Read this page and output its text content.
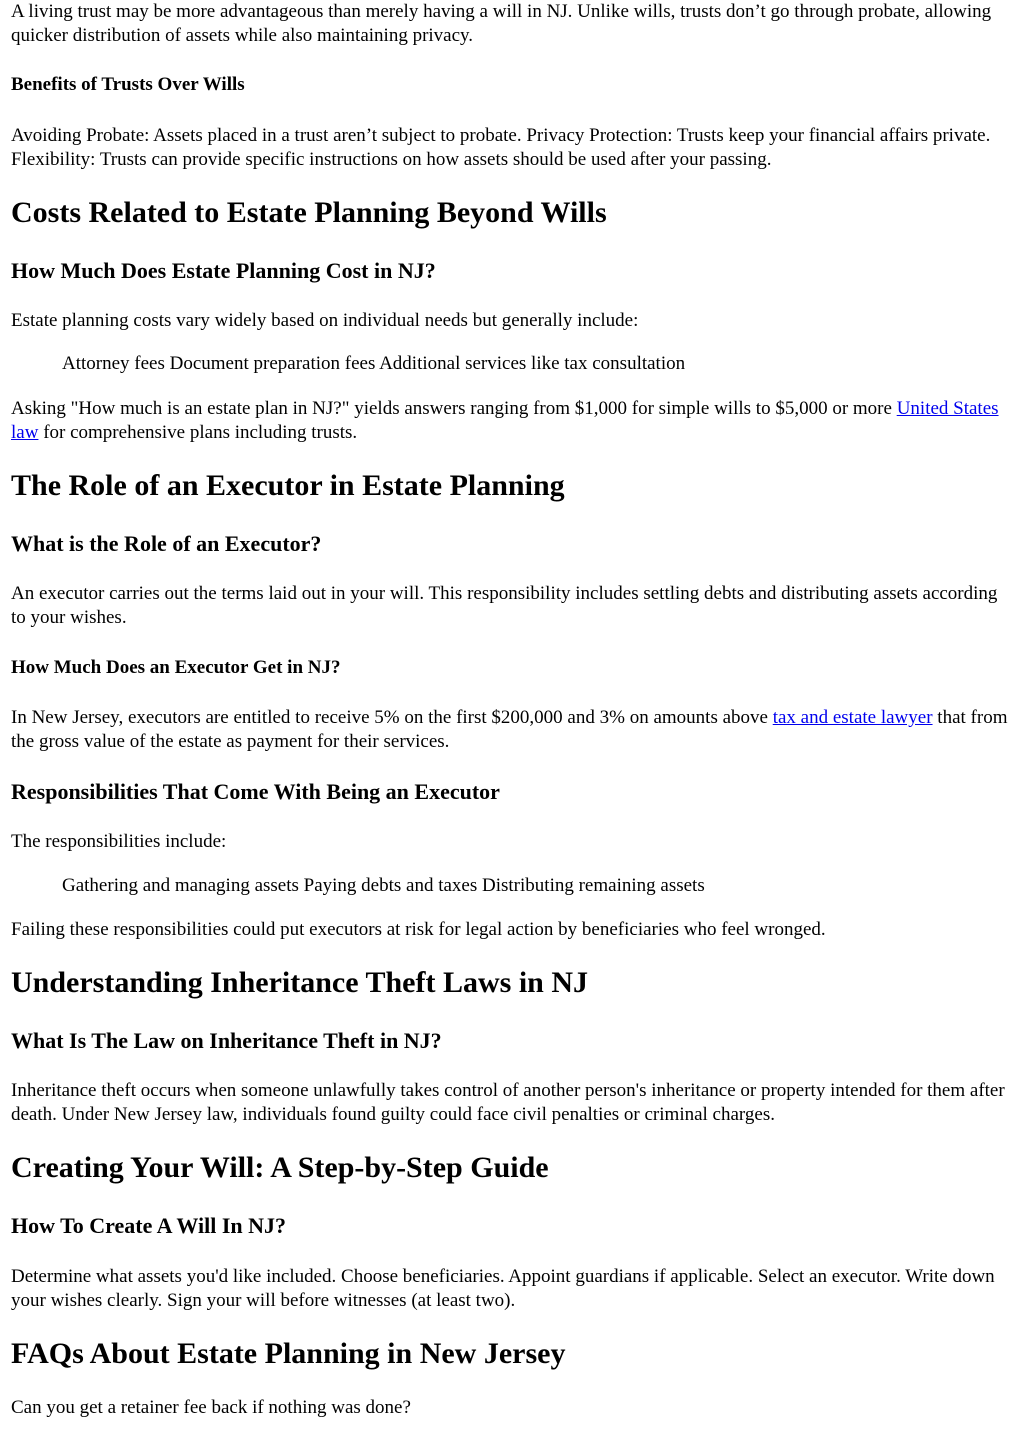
A living trust may be more advantageous than merely having a will in NJ. Unlike wills, trusts don’t go through probate, allowing quicker distribution of assets while also maintaining privacy.

Benefits of Trusts Over Wills

Avoiding Probate: Assets placed in a trust aren’t subject to probate. Privacy Protection: Trusts keep your financial affairs private. Flexibility: Trusts can provide specific instructions on how assets should be used after your passing.

Costs Related to Estate Planning Beyond Wills
How Much Does Estate Planning Cost in NJ?

Estate planning costs vary widely based on individual needs but generally include:

Attorney fees Document preparation fees Additional services like tax consultation

Asking "How much is an estate plan in NJ?" yields answers ranging from $1,000 for simple wills to $5,000 or more United States law for comprehensive plans including trusts.

The Role of an Executor in Estate Planning
What is the Role of an Executor?

An executor carries out the terms laid out in your will. This responsibility includes settling debts and distributing assets according to your wishes.

How Much Does an Executor Get in NJ?

In New Jersey, executors are entitled to receive 5% on the first $200,000 and 3% on amounts above tax and estate lawyer that from the gross value of the estate as payment for their services.

Responsibilities That Come With Being an Executor

The responsibilities include:

Gathering and managing assets Paying debts and taxes Distributing remaining assets

Failing these responsibilities could put executors at risk for legal action by beneficiaries who feel wronged.

Understanding Inheritance Theft Laws in NJ
What Is The Law on Inheritance Theft in NJ?

Inheritance theft occurs when someone unlawfully takes control of another person's inheritance or property intended for them after death. Under New Jersey law, individuals found guilty could face civil penalties or criminal charges.

Creating Your Will: A Step-by-Step Guide
How To Create A Will In NJ?

Determine what assets you'd like included. Choose beneficiaries. Appoint guardians if applicable. Select an executor. Write down your wishes clearly. Sign your will before witnesses (at least two).

FAQs About Estate Planning in New Jersey

Can you get a retainer fee back if nothing was done?
